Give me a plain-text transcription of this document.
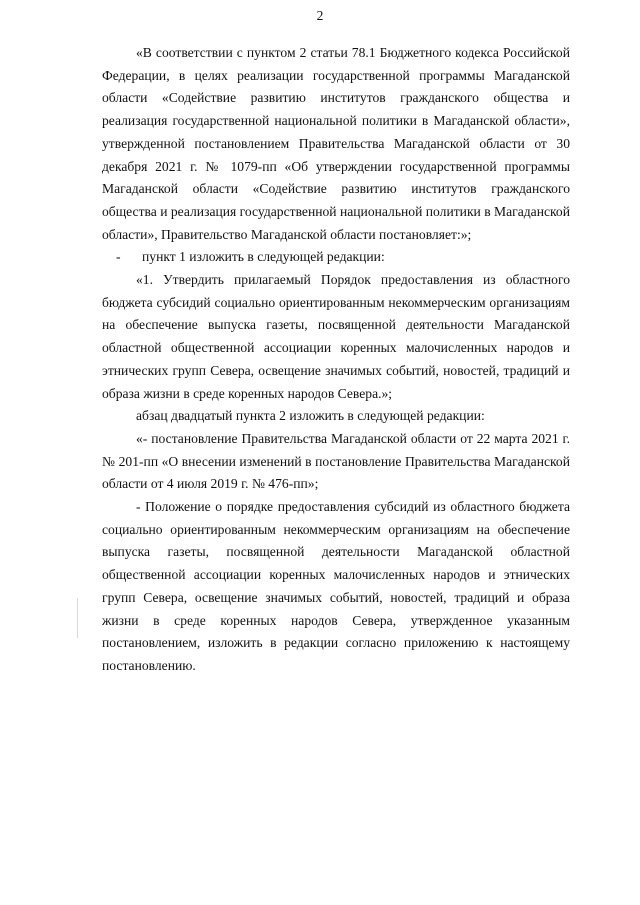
2

«В соответствии с пунктом 2 статьи 78.1 Бюджетного кодекса Российской Федерации, в целях реализации государственной программы Магаданской области «Содействие развитию институтов гражданского общества и реализация государственной национальной политики в Магаданской области», утвержденной постановлением Правительства Магаданской области от 30 декабря 2021 г. № 1079-пп «Об утверждении государственной программы Магаданской области «Содействие развитию институтов гражданского общества и реализация государственной национальной политики в Магаданской области», Правительство Магаданской области постановляет:»;

- пункт 1 изложить в следующей редакции:

«1. Утвердить прилагаемый Порядок предоставления из областного бюджета субсидий социально ориентированным некоммерческим организациям на обеспечение выпуска газеты, посвященной деятельности Магаданской областной общественной ассоциации коренных малочисленных народов и этнических групп Севера, освещение значимых событий, новостей, традиций и образа жизни в среде коренных народов Севера.»;

абзац двадцатый пункта 2 изложить в следующей редакции:

«- постановление Правительства Магаданской области от 22 марта 2021 г. № 201-пп «О внесении изменений в постановление Правительства Магаданской области от 4 июля 2019 г. № 476-пп»;

- Положение о порядке предоставления субсидий из областного бюджета социально ориентированным некоммерческим организациям на обеспечение выпуска газеты, посвященной деятельности Магаданской областной общественной ассоциации коренных малочисленных народов и этнических групп Севера, освещение значимых событий, новостей, традиций и образа жизни в среде коренных народов Севера, утвержденное указанным постановлением, изложить в редакции согласно приложению к настоящему постановлению.
